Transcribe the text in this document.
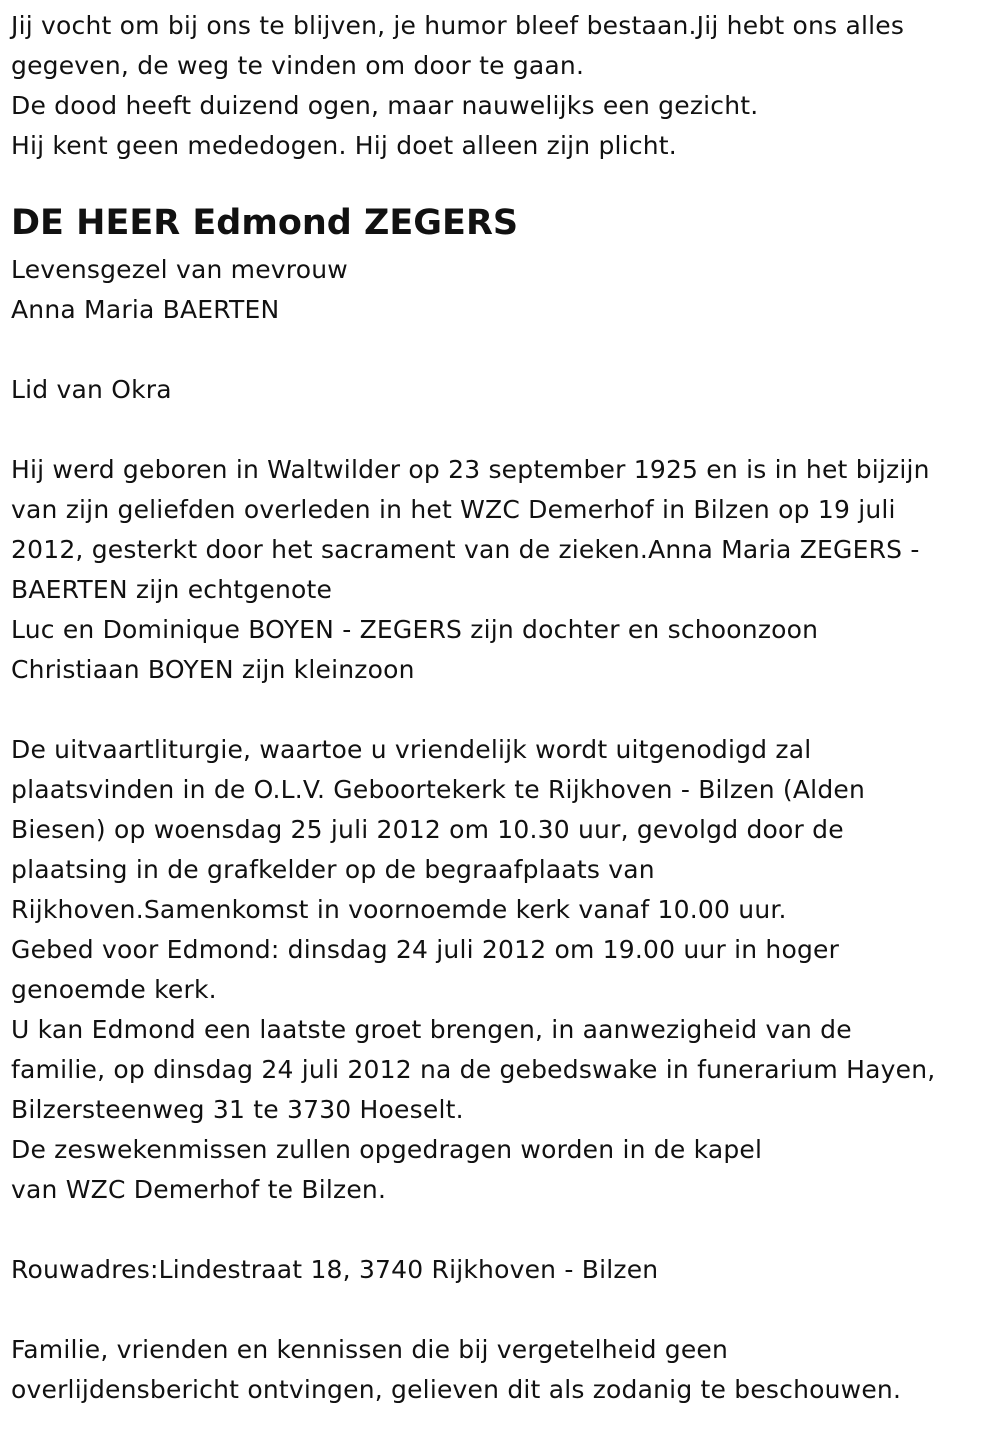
Jij vocht om bij ons te blijven, je humor bleef bestaan.Jij hebt ons alles
gegeven, de weg te vinden om door te gaan.
De dood heeft duizend ogen, maar nauwelijks een gezicht.
Hij kent geen mededogen. Hij doet alleen zijn plicht.
DE HEER Edmond ZEGERS
Levensgezel van mevrouw
Anna Maria BAERTEN
Lid van Okra
Hij werd geboren in Waltwilder op 23 september 1925 en is in het bijzijn
van zijn geliefden overleden in het WZC Demerhof in Bilzen op 19 juli
2012, gesterkt door het sacrament van de zieken.Anna Maria ZEGERS -
BAERTEN zijn echtgenote
Luc en Dominique BOYEN - ZEGERS zijn dochter en schoonzoon
Christiaan BOYEN zijn kleinzoon
De uitvaartliturgie, waartoe u vriendelijk wordt uitgenodigd zal
plaatsvinden in de O.L.V. Geboortekerk te Rijkhoven - Bilzen (Alden
Biesen) op woensdag 25 juli 2012 om 10.30 uur, gevolgd door de
plaatsing in de grafkelder op de begraafplaats van
Rijkhoven.Samenkomst in voornoemde kerk vanaf 10.00 uur.
Gebed voor Edmond: dinsdag 24 juli 2012 om 19.00 uur in hoger
genoemde kerk.
U kan Edmond een laatste groet brengen, in aanwezigheid van de
familie, op dinsdag 24 juli 2012 na de gebedswake in funerarium Hayen,
Bilzersteenweg 31 te 3730 Hoeselt.
De zeswekenmissen zullen opgedragen worden in de kapel
van WZC Demerhof te Bilzen.
Rouwadres:Lindestraat 18, 3740 Rijkhoven - Bilzen
Familie, vrienden en kennissen die bij vergetelheid geen
overlijdensbericht ontvingen, gelieven dit als zodanig te beschouwen.
